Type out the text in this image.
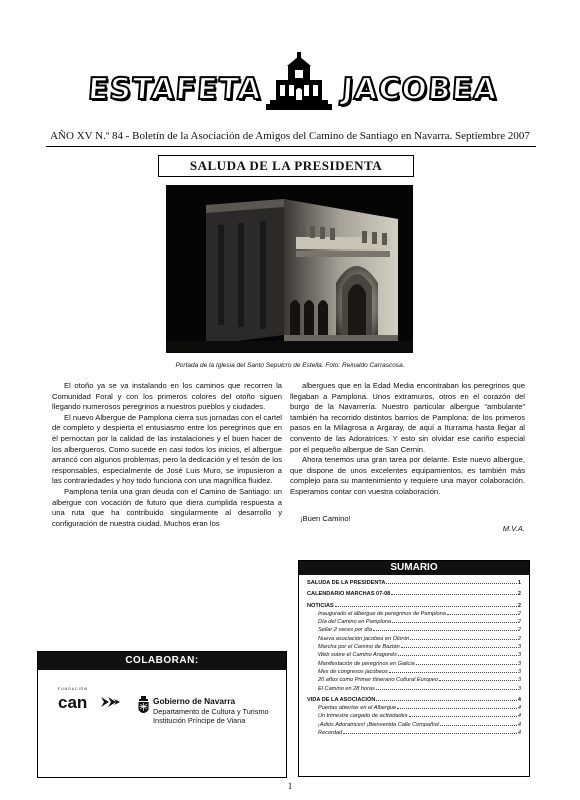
ESTAFETA	JACOBEA
AÑO XV N.º 84 - Boletín de la Asociación de Amigos del Camino de Santiago en Navarra. Septiembre 2007
SALUDA DE LA PRESIDENTA
Portada de la Iglesia del Santo Sepulcro de Estella. Foto: Reinaldo Carrascosa.

El otoño ya se va instalando en los caminos que recorren la Comunidad Foral y con los primeros colores del otoño siguen llegando numerosos peregrinos a nuestros pueblos y ciudades.

El nuevo Albergue de Pamplona cierra sus jornadas con el cartel de completo y despierta el entusiasmo entre los peregrinos que en él pernoctan por la calidad de las instalaciones y el buen hacer de los albergueros. Como sucede en casi todos los inicios, el albergue arrancó con algunos problemas, pero la dedicación y el tesón de los responsables, especialmente de José Luis Muro, se impusieron a las contrariedades y hoy todo funciona con una magnífica fluidez.

Pamplona tenía una gran deuda con el Camino de Santiago: un albergue con vocación de futuro que diera cumplida respuesta a una ruta que ha contribuido singularmente al desarrollo y configuración de nuestra ciudad. Muchos eran los

albergues que en la Edad Media encontraban los peregrinos que llegaban a Pamplona. Unos extramuros, otros en el corazón del burgo de la Navarrería. Nuestro particular albergue “ambulante” también ha recorrido distintos barrios de Pamplona: de los primeros pasos en la Milagrosa a Argaray, de aquí a Iturrama hasta llegar al convento de las Adoratrices. Y esto sin olvidar ese cariño especial por el pequeño albergue de San Cernin.

Ahora tenemos una gran tarea por delante. Este nuevo albergue, que dispone de unos excelentes equipamientos, es también más complejo para su mantenimiento y requiere una mayor colaboración. Esperamos contar con vuestra colaboración.

¡Buen Camino!

M.V.A.

SUMARIO
SALUDA DE LA PRESIDENTA	1
CALENDARIO MARCHAS 07-08	2
NOTICIAS	2
Inaugurado el albergue de peregrinos de Pamplona	2
Día del Camino en Pamplona	2
Sellar 2 veces por día	2
Nueva asociación jacobea en Olorón	2
Marcha por el Camino de Baztán	3
Web sobre el Camino Aragonés	3
Manifestación de peregrinos en Galicia	3
Mes de congresos jacobeos	3
20 años como Primer Itinerario Cultural Europeo	3
El Camino en 28 horas	3
VIDA DE LA ASOCIACIÓN	4
Puertas abiertas en el Albergue	4
Un trimestre cargado de actividades	4
¡Adiós Adoratrices! ¡Bienvenida Calle Compañía!	4
Recordad	4
COLABORAN:
FUNDACIÓN
can	Gobierno de Navarra
Departamento de Cultura y Turismo
Institución Príncipe de Viana
1
